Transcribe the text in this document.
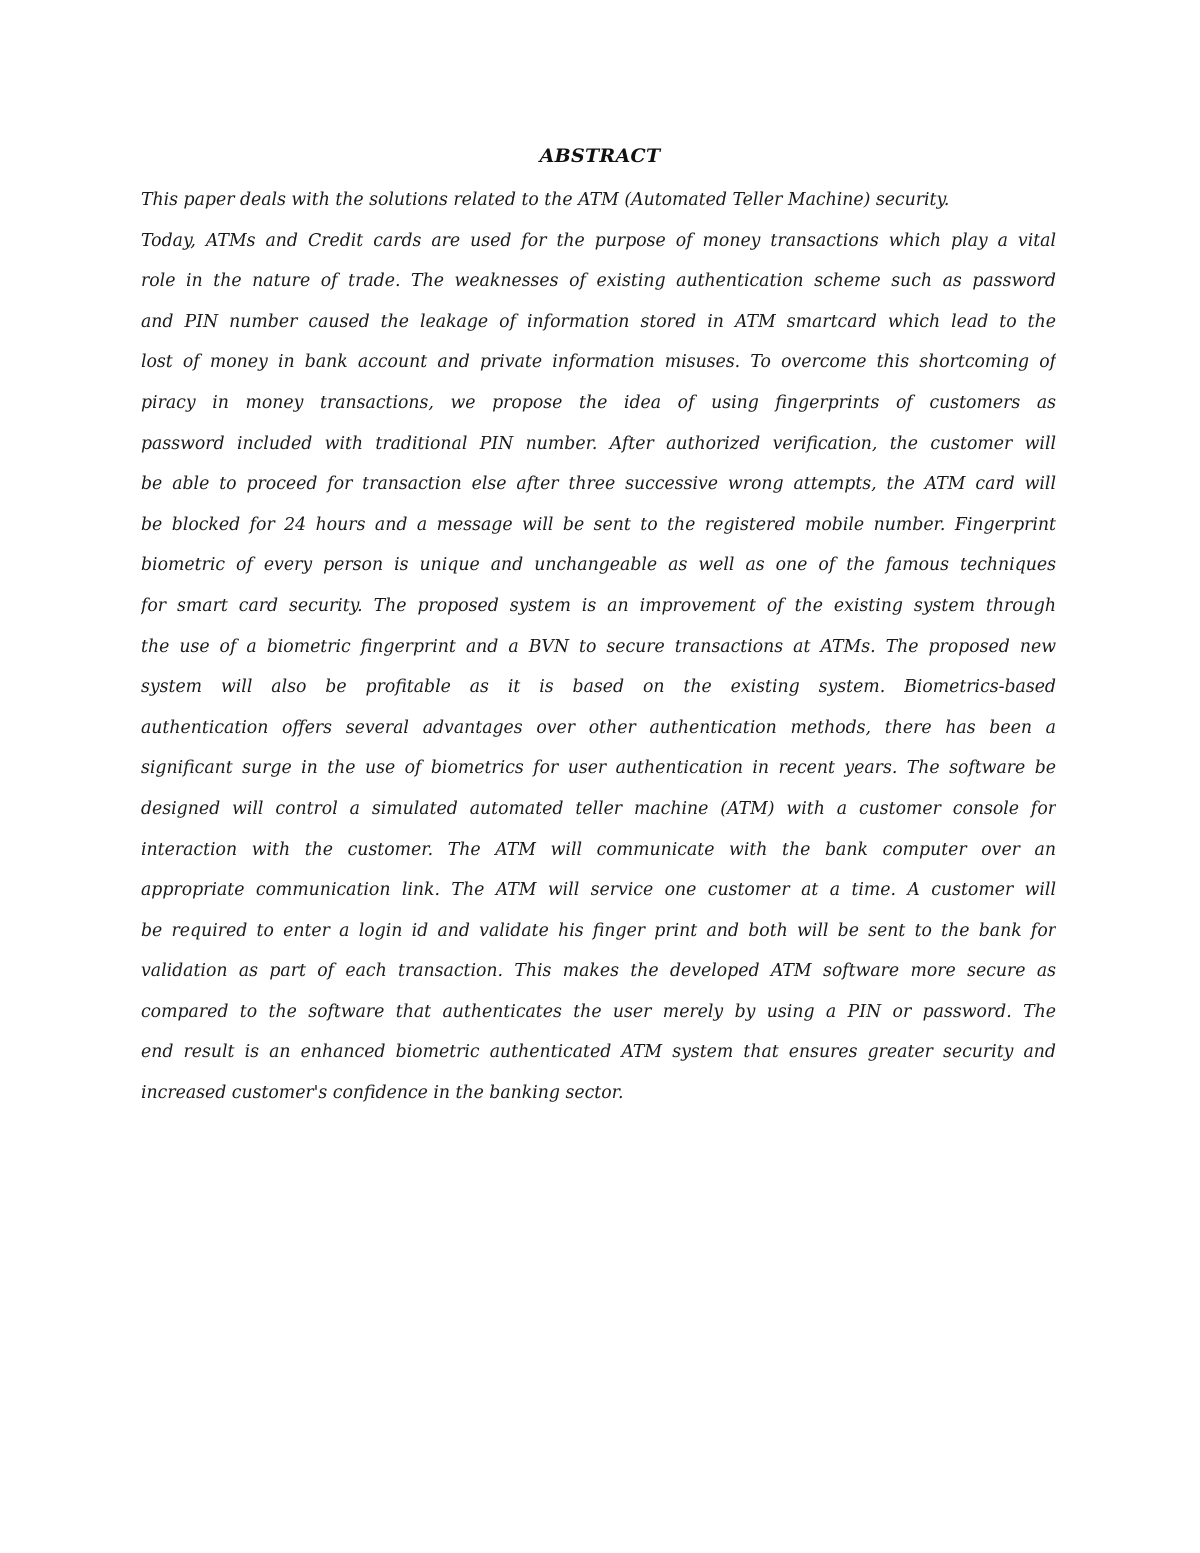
ABSTRACT
This paper deals with the solutions related to the ATM (Automated Teller Machine) security.
Today, ATMs and Credit cards are used for the purpose of money transactions which play a vital
role in the nature of trade. The weaknesses of existing authentication scheme such as password
and PIN number caused the leakage of information stored in ATM smartcard which lead to the
lost of money in bank account and private information misuses. To overcome this shortcoming of
piracy in money transactions, we propose the idea of using fingerprints of customers as
password included with traditional PIN number. After authorized verification, the customer will
be able to proceed for transaction else after three successive wrong attempts, the ATM card will
be blocked for 24 hours and a message will be sent to the registered mobile number. Fingerprint
biometric of every person is unique and unchangeable as well as one of the famous techniques
for smart card security. The proposed system is an improvement of the existing system through
the use of a biometric fingerprint and a BVN to secure transactions at ATMs. The proposed new
system will also be profitable as it is based on the existing system. Biometrics-based
authentication offers several advantages over other authentication methods, there has been a
significant surge in the use of biometrics for user authentication in recent years. The software be
designed will control a simulated automated teller machine (ATM) with a customer console for
interaction with the customer. The ATM will communicate with the bank computer over an
appropriate communication link. The ATM will service one customer at a time. A customer will
be required to enter a login id and validate his finger print and both will be sent to the bank for
validation as part of each transaction. This makes the developed ATM software more secure as
compared to the software that authenticates the user merely by using a PIN or password. The
end result is an enhanced biometric authenticated ATM system that ensures greater security and
increased customer's confidence in the banking sector.
